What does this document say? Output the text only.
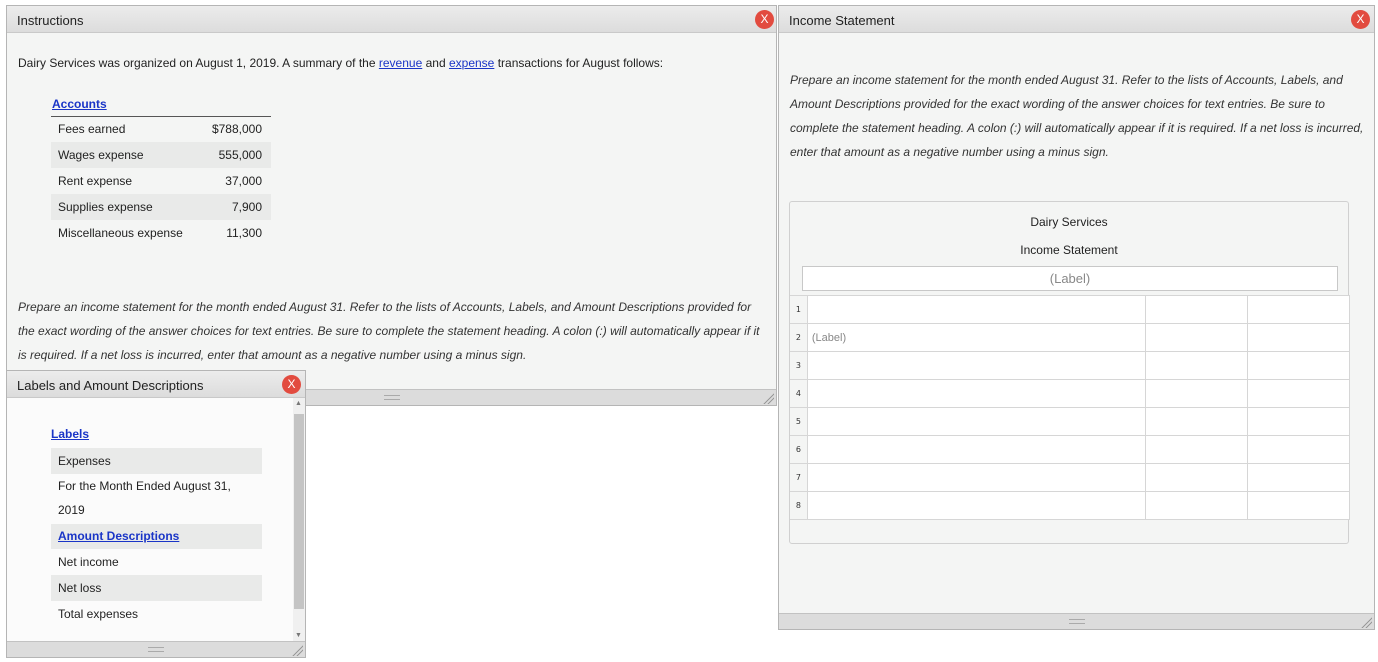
Instructions	X
Dairy Services was organized on August 1, 2019. A summary of the revenue and expense transactions for August follows:
Accounts
Fees earned	$788,000
Wages expense	555,000
Rent expense	37,000
Supplies expense	7,900
Miscellaneous expense	11,300
Prepare an income statement for the month ended August 31. Refer to the lists of Accounts, Labels, and Amount Descriptions provided for
the exact wording of the answer choices for text entries. Be sure to complete the statement heading. A colon (:) will automatically appear if it
is required. If a net loss is incurred, enter that amount as a negative number using a minus sign.
Income Statement	X
Prepare an income statement for the month ended August 31. Refer to the lists of Accounts, Labels, and
Amount Descriptions provided for the exact wording of the answer choices for text entries. Be sure to
complete the statement heading. A colon (:) will automatically appear if it is required. If a net loss is incurred,
enter that amount as a negative number using a minus sign.
Dairy Services
Income Statement
(Label)
1			
2	(Label)		
3			
4			
5			
6			
7			
8			
Labels and Amount Descriptions	X
Labels
Expenses
For the Month Ended August 31,
2019
Amount Descriptions
Net income
Net loss
Total expenses
▲
▼
